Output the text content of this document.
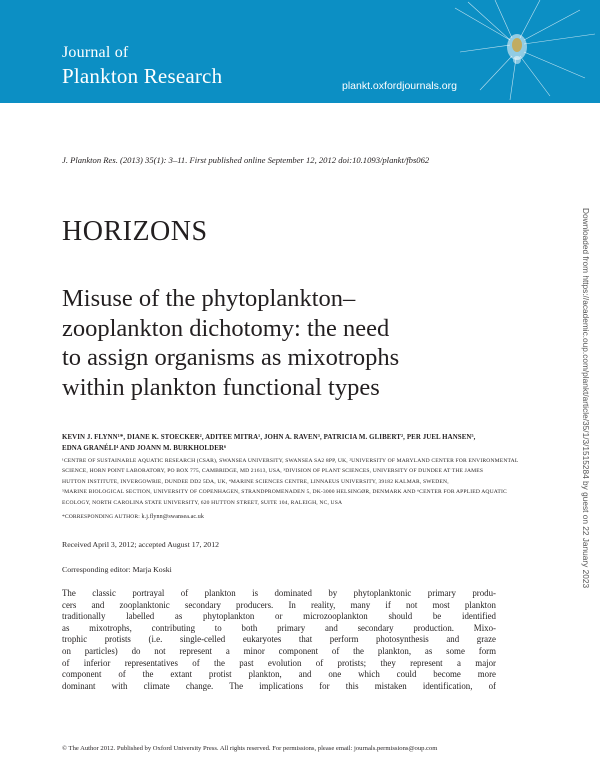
Journal of
Plankton Research	plankt.oxfordjournals.org
J. Plankton Res. (2013) 35(1): 3–11. First published online September 12, 2012 doi:10.1093/plankt/fbs062
HORIZONS
Misuse of the phytoplankton–
zooplankton dichotomy: the need
to assign organisms as mixotrophs
within plankton functional types
KEVIN J. FLYNN¹*, DIANE K. STOECKER², ADITEE MITRA¹, JOHN A. RAVEN³, PATRICIA M. GLIBERT², PER JUEL HANSEN⁵,
EDNA GRANÉLI⁴ AND JOANN M. BURKHOLDER⁶
¹CENTRE OF SUSTAINABLE AQUATIC RESEARCH (CSAR), SWANSEA UNIVERSITY, SWANSEA SA2 8PP, UK, ²UNIVERSITY OF MARYLAND CENTER FOR ENVIRONMENTAL
SCIENCE, HORN POINT LABORATORY, PO BOX 775, CAMBRIDGE, MD 21613, USA, ³DIVISION OF PLANT SCIENCES, UNIVERSITY OF DUNDEE AT THE JAMES
HUTTON INSTITUTE, INVERGOWRIE, DUNDEE DD2 5DA, UK, ⁴MARINE SCIENCES CENTRE, LINNAEUS UNIVERSITY, 39182 KALMAR, SWEDEN,
⁵MARINE BIOLOGICAL SECTION, UNIVERSITY OF COPENHAGEN, STRANDPROMENADEN 5, DK-3000 HELSINGØR, DENMARK AND ⁶CENTER FOR APPLIED AQUATIC
ECOLOGY, NORTH CAROLINA STATE UNIVERSITY, 620 HUTTON STREET, SUITE 104, RALEIGH, NC, USA
*CORRESPONDING AUTHOR: k.j.flynn@swansea.ac.uk
Received April 3, 2012; accepted August 17, 2012
Corresponding editor: Marja Koski
The classic portrayal of plankton is dominated by phytoplanktonic primary produ-
cers and zooplanktonic secondary producers. In reality, many if not most plankton
traditionally labelled as phytoplankton or microzooplankton should be identified
as mixotrophs, contributing to both primary and secondary production. Mixo-
trophic protists (i.e. single-celled eukaryotes that perform photosynthesis and graze
on particles) do not represent a minor component of the plankton, as some form
of inferior representatives of the past evolution of protists; they represent a major
component of the extant protist plankton, and one which could become more
dominant with climate change. The implications for this mistaken identification, of
© The Author 2012. Published by Oxford University Press. All rights reserved. For permissions, please email: journals.permissions@oup.com
Downloaded from https://academic.oup.com/plankt/article/35/1/3/1515284 by guest on 22 January 2023
